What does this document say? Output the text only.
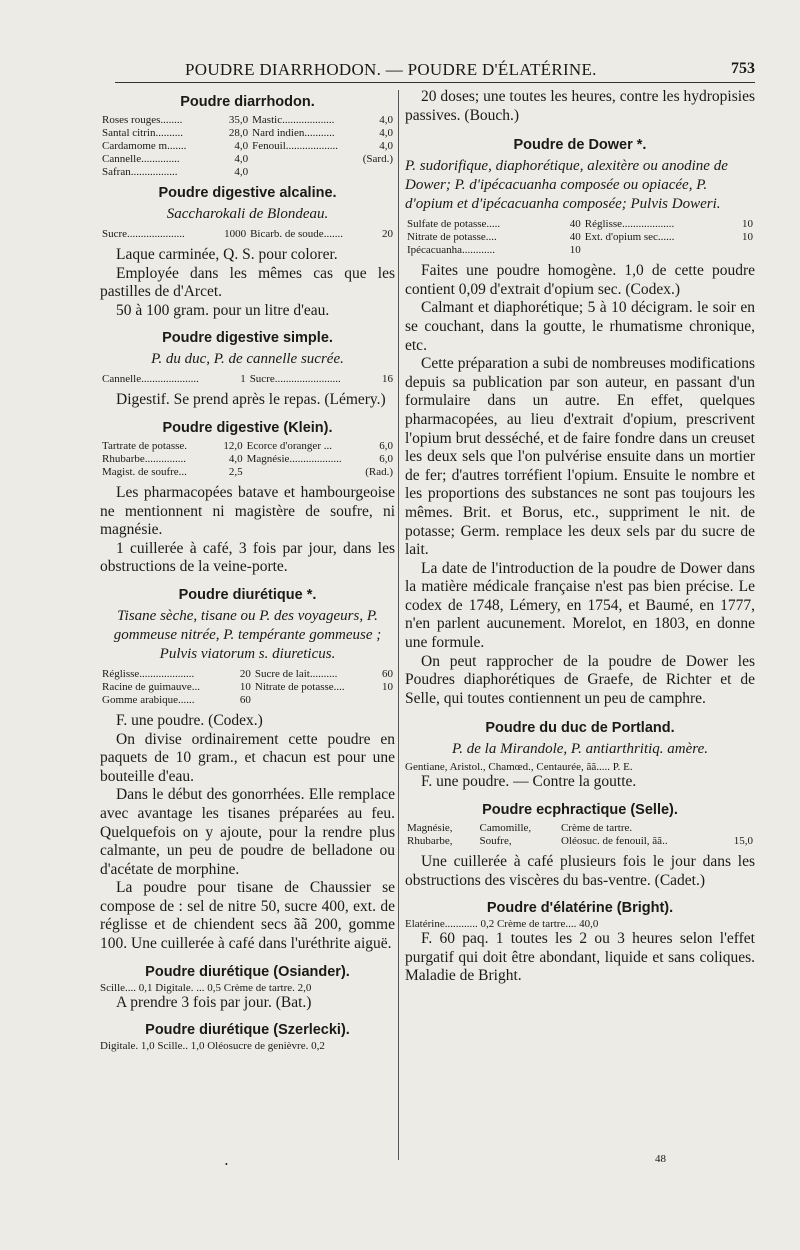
POUDRE DIARRHODON. — POUDRE D'ÉLATÉRINE.	753
Poudre diarrhodon.
Roses rouges........	35,0	Mastic...................	4,0
Santal citrin..........	28,0	Nard indien...........	4,0
Cardamome m.......	4,0	Fenouil...................	4,0
Cannelle..............	4,0	(Sard.)	
Safran.................	4,0		
Poudre digestive alcaline.
Saccharokali de Blondeau.
Sucre.....................	1000	Bicarb. de soude.......	20

Laque carminée, Q. S. pour colorer.

Employée dans les mêmes cas que les pastilles de d'Arcet.

50 à 100 gram. pour un litre d'eau.

Poudre digestive simple.
P. du duc, P. de cannelle sucrée.
Cannelle.....................	1	Sucre........................	16

Digestif. Se prend après le repas. (Lémery.)

Poudre digestive (Klein).
Tartrate de potasse.	12,0	Ecorce d'oranger ...	6,0
Rhubarbe...............	4,0	Magnésie...................	6,0
Magist. de soufre...	2,5	(Rad.)	

Les pharmacopées batave et hambourgeoise ne mentionnent ni magistère de soufre, ni magnésie.

1 cuillerée à café, 3 fois par jour, dans les obstructions de la veine-porte.

Poudre diurétique *.
Tisane sèche, tisane ou P. des voyageurs, P. gommeuse nitrée, P. tempérante gommeuse ; Pulvis viatorum s. diureticus.
Réglisse....................	20	Sucre de lait..........	60
Racine de guimauve...	10	Nitrate de potasse....	10
Gomme arabique......	60		

F. une poudre. (Codex.)

On divise ordinairement cette poudre en paquets de 10 gram., et chacun est pour une bouteille d'eau.

Dans le début des gonorrhées. Elle remplace avec avantage les tisanes préparées au feu. Quelquefois on y ajoute, pour la rendre plus calmante, un peu de poudre de belladone ou d'acétate de morphine.

La poudre pour tisane de Chaussier se compose de : sel de nitre 50, sucre 400, ext. de réglisse et de chiendent secs ãã 200, gomme 100. Une cuillerée à café dans l'uréthrite aiguë.

Poudre diurétique (Osiander).
Scille.... 0,1 Digitale. ... 0,5 Crème de tartre. 2,0

A prendre 3 fois par jour. (Bat.)

Poudre diurétique (Szerlecki).
Digitale. 1,0 Scille.. 1,0 Oléosucre de genièvre. 0,2

20 doses; une toutes les heures, contre les hydropisies passives. (Bouch.)

Poudre de Dower *.
P. sudorifique, diaphorétique, alexitère ou anodine de Dower; P. d'ipécacuanha composée ou opiacée, P. d'opium et d'ipécacuanha composée; Pulvis Doweri.
Sulfate de potasse.....	40	Réglisse...................	10
Nitrate de potasse....	40	Ext. d'opium sec......	10
Ipécacuanha............	10		

Faites une poudre homogène. 1,0 de cette poudre contient 0,09 d'extrait d'opium sec. (Codex.)

Calmant et diaphorétique; 5 à 10 décigram. le soir en se couchant, dans la goutte, le rhumatisme chronique, etc.

Cette préparation a subi de nombreuses modifications depuis sa publication par son auteur, en passant d'un formulaire dans un autre. En effet, quelques pharmacopées, au lieu d'extrait d'opium, prescrivent l'opium brut desséché, et de faire fondre dans un creuset les deux sels que l'on pulvérise ensuite dans un mortier de fer; d'autres torréfient l'opium. Ensuite le nombre et les proportions des substances ne sont pas toujours les mêmes. Brit. et Borus, etc., suppriment le nit. de potasse; Germ. remplace les deux sels par du sucre de lait.

La date de l'introduction de la poudre de Dower dans la matière médicale française n'est pas bien précise. Le codex de 1748, Lémery, en 1754, et Baumé, en 1777, n'en parlent aucunement. Morelot, en 1803, en donne une formule.

On peut rapprocher de la poudre de Dower les Poudres diaphorétiques de Graefe, de Richter et de Selle, qui toutes contiennent un peu de camphre.

Poudre du duc de Portland.
P. de la Mirandole, P. antiarthritiq. amère.
Gentiane, Aristol., Chamœd., Centaurée, ãã..... P. E.

F. une poudre. — Contre la goutte.

Poudre ecphractique (Selle).
Magnésie,	Camomille,	Crème de tartre.	
Rhubarbe,	Soufre,	Oléosuc. de fenouil, ãã..	15,0

Une cuillerée à café plusieurs fois le jour dans les obstructions des viscères du bas-ventre. (Cadet.)

Poudre d'élatérine (Bright).
Elatérine............ 0,2 Crème de tartre.... 40,0

F. 60 paq. 1 toutes les 2 ou 3 heures selon l'effet purgatif qui doit être abondant, liquide et sans coliques. Maladie de Bright.

•	48
